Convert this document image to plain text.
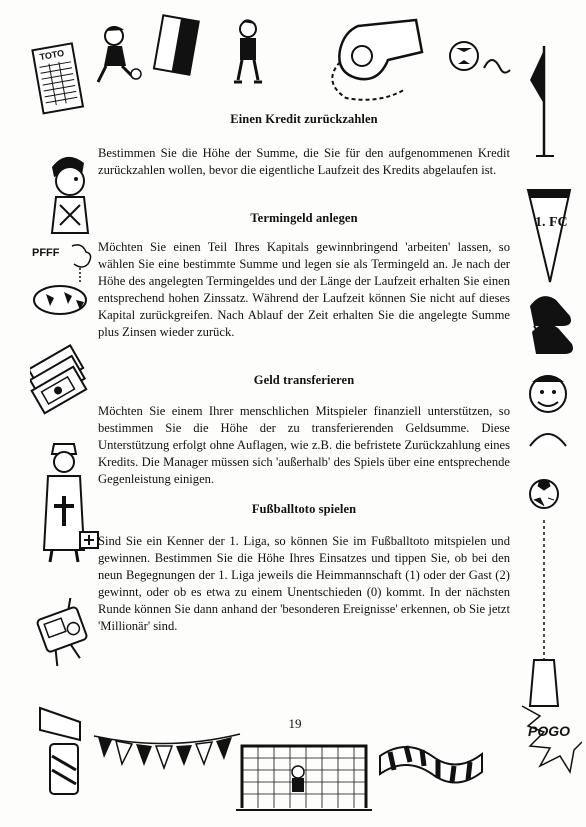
TOTO
PFFF
1. FC
POGO
Einen Kredit zurückzahlen

Bestimmen Sie die Höhe der Summe, die Sie für den aufgenommenen Kredit zurückzahlen wollen, bevor die eigentliche Laufzeit des Kredits abgelaufen ist.

Termingeld anlegen

Möchten Sie einen Teil Ihres Kapitals gewinnbringend 'arbeiten' lassen, so wählen Sie eine bestimmte Summe und legen sie als Termingeld an. Je nach der Höhe des angelegten Termingeldes und der Länge der Laufzeit erhalten Sie einen entsprechend hohen Zinssatz. Während der Laufzeit können Sie nicht auf dieses Kapital zurückgreifen. Nach Ablauf der Zeit erhalten Sie die angelegte Summe plus Zinsen wieder zurück.

Geld transferieren

Möchten Sie einem Ihrer menschlichen Mitspieler finanziell unterstützen, so bestimmen Sie die Höhe der zu transferierenden Geldsumme. Diese Unterstützung erfolgt ohne Auflagen, wie z.B. die befristete Zurückzahlung eines Kredits. Die Manager müssen sich 'außerhalb' des Spiels über eine entsprechende Gegenleistung einigen.

Fußballtoto spielen

Sind Sie ein Kenner der 1. Liga, so können Sie im Fußballtoto mitspielen und gewinnen. Bestimmen Sie die Höhe Ihres Einsatzes und tippen Sie, ob bei den neun Begegnungen der 1. Liga jeweils die Heimmannschaft (1) oder der Gast (2) gewinnt, oder ob es etwa zu einem Unentschieden (0) kommt. In der nächsten Runde können Sie dann anhand der 'besonderen Ereignisse' erkennen, ob Sie jetzt 'Millionär' sind.

19
